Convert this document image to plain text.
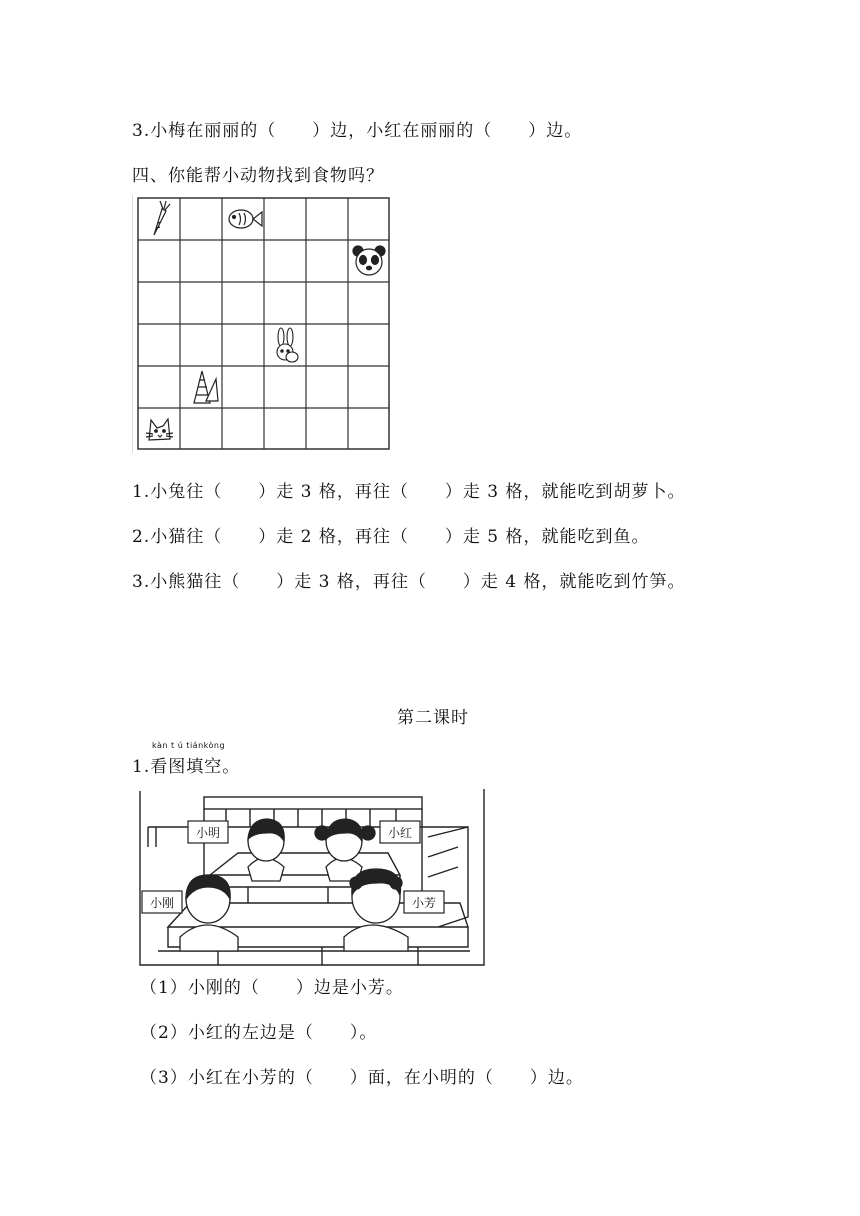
3.小梅在丽丽的（　　）边，小红在丽丽的（　　）边。
四、你能帮小动物找到食物吗？
1.小兔往（　　）走 3 格，再往（　　）走 3 格，就能吃到胡萝卜。
2.小猫往（　　）走 2 格，再往（　　）走 5 格，就能吃到鱼。
3.小熊猫往（　　）走 3 格，再往（　　）走 4 格，就能吃到竹笋。
第二课时
kàn t ú tiánkòng
1.看图填空。
小明	小红
小刚	小芳
（1）小刚的（　　）边是小芳。
（2）小红的左边是（　　）。
（3）小红在小芳的（　　）面，在小明的（　　）边。
